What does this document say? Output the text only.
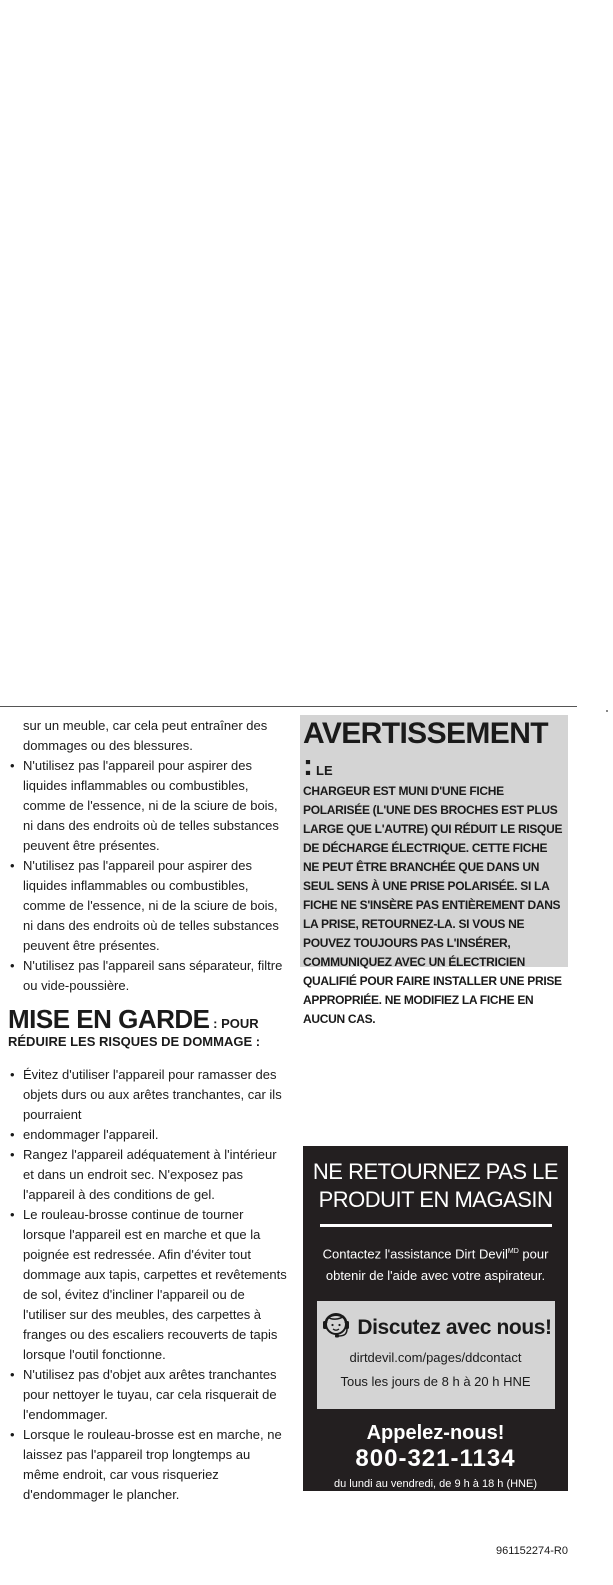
sur un meuble, car cela peut entraîner des dommages ou des blessures.

• N'utilisez pas l'appareil pour aspirer des liquides inflammables ou combustibles, comme de l'essence, ni de la sciure de bois, ni dans des endroits où de telles substances peuvent être présentes.
• N'utilisez pas l'appareil pour aspirer des liquides inflammables ou combustibles, comme de l'essence, ni de la sciure de bois, ni dans des endroits où de telles substances peuvent être présentes.
• N'utilisez pas l'appareil sans séparateur, filtre ou vide-poussière.
MISE EN GARDE : POUR RÉDUIRE LES RISQUES DE DOMMAGE :
• Évitez d'utiliser l'appareil pour ramasser des objets durs ou aux arêtes tranchantes, car ils pourraient
• endommager l'appareil.
• Rangez l'appareil adéquatement à l'intérieur et dans un endroit sec. N'exposez pas l'appareil à des conditions de gel.
• Le rouleau-brosse continue de tourner lorsque l'appareil est en marche et que la poignée est redressée. Afin d'éviter tout dommage aux tapis, carpettes et revêtements de sol, évitez d'incliner l'appareil ou de l'utiliser sur des meubles, des carpettes à franges ou des escaliers recouverts de tapis lorsque l'outil fonctionne.
• N'utilisez pas d'objet aux arêtes tranchantes pour nettoyer le tuyau, car cela risquerait de l'endommager.
• Lorsque le rouleau-brosse est en marche, ne laissez pas l'appareil trop longtemps au même endroit, car vous risqueriez d'endommager le plancher.
AVERTISSEMENT : LE
CHARGEUR EST MUNI D'UNE FICHE POLARISÉE (L'UNE DES BROCHES EST PLUS LARGE QUE L'AUTRE) QUI RÉDUIT LE RISQUE DE DÉCHARGE ÉLECTRIQUE. CETTE FICHE NE PEUT ÊTRE BRANCHÉE QUE DANS UN SEUL SENS À UNE PRISE POLARISÉE. SI LA FICHE NE S'INSÈRE PAS ENTIÈREMENT DANS LA PRISE, RETOURNEZ-LA. SI VOUS NE POUVEZ TOUJOURS PAS L'INSÉRER, COMMUNIQUEZ AVEC UN ÉLECTRICIEN QUALIFIÉ POUR FAIRE INSTALLER UNE PRISE APPROPRIÉE. NE MODIFIEZ LA FICHE EN AUCUN CAS.
NE RETOURNEZ PAS LE
PRODUIT EN MAGASIN
Contactez l'assistance Dirt Devil$^{MD}$ pour obtenir de l'aide avec votre aspirateur.
Discutez avec nous!
dirtdevil.com/pages/ddcontact
Tous les jours de 8 h à 20 h HNE
Appelez-nous!
800-321-1134
du lundi au vendredi, de 9 h à 18 h (HNE)
961152274-R0
